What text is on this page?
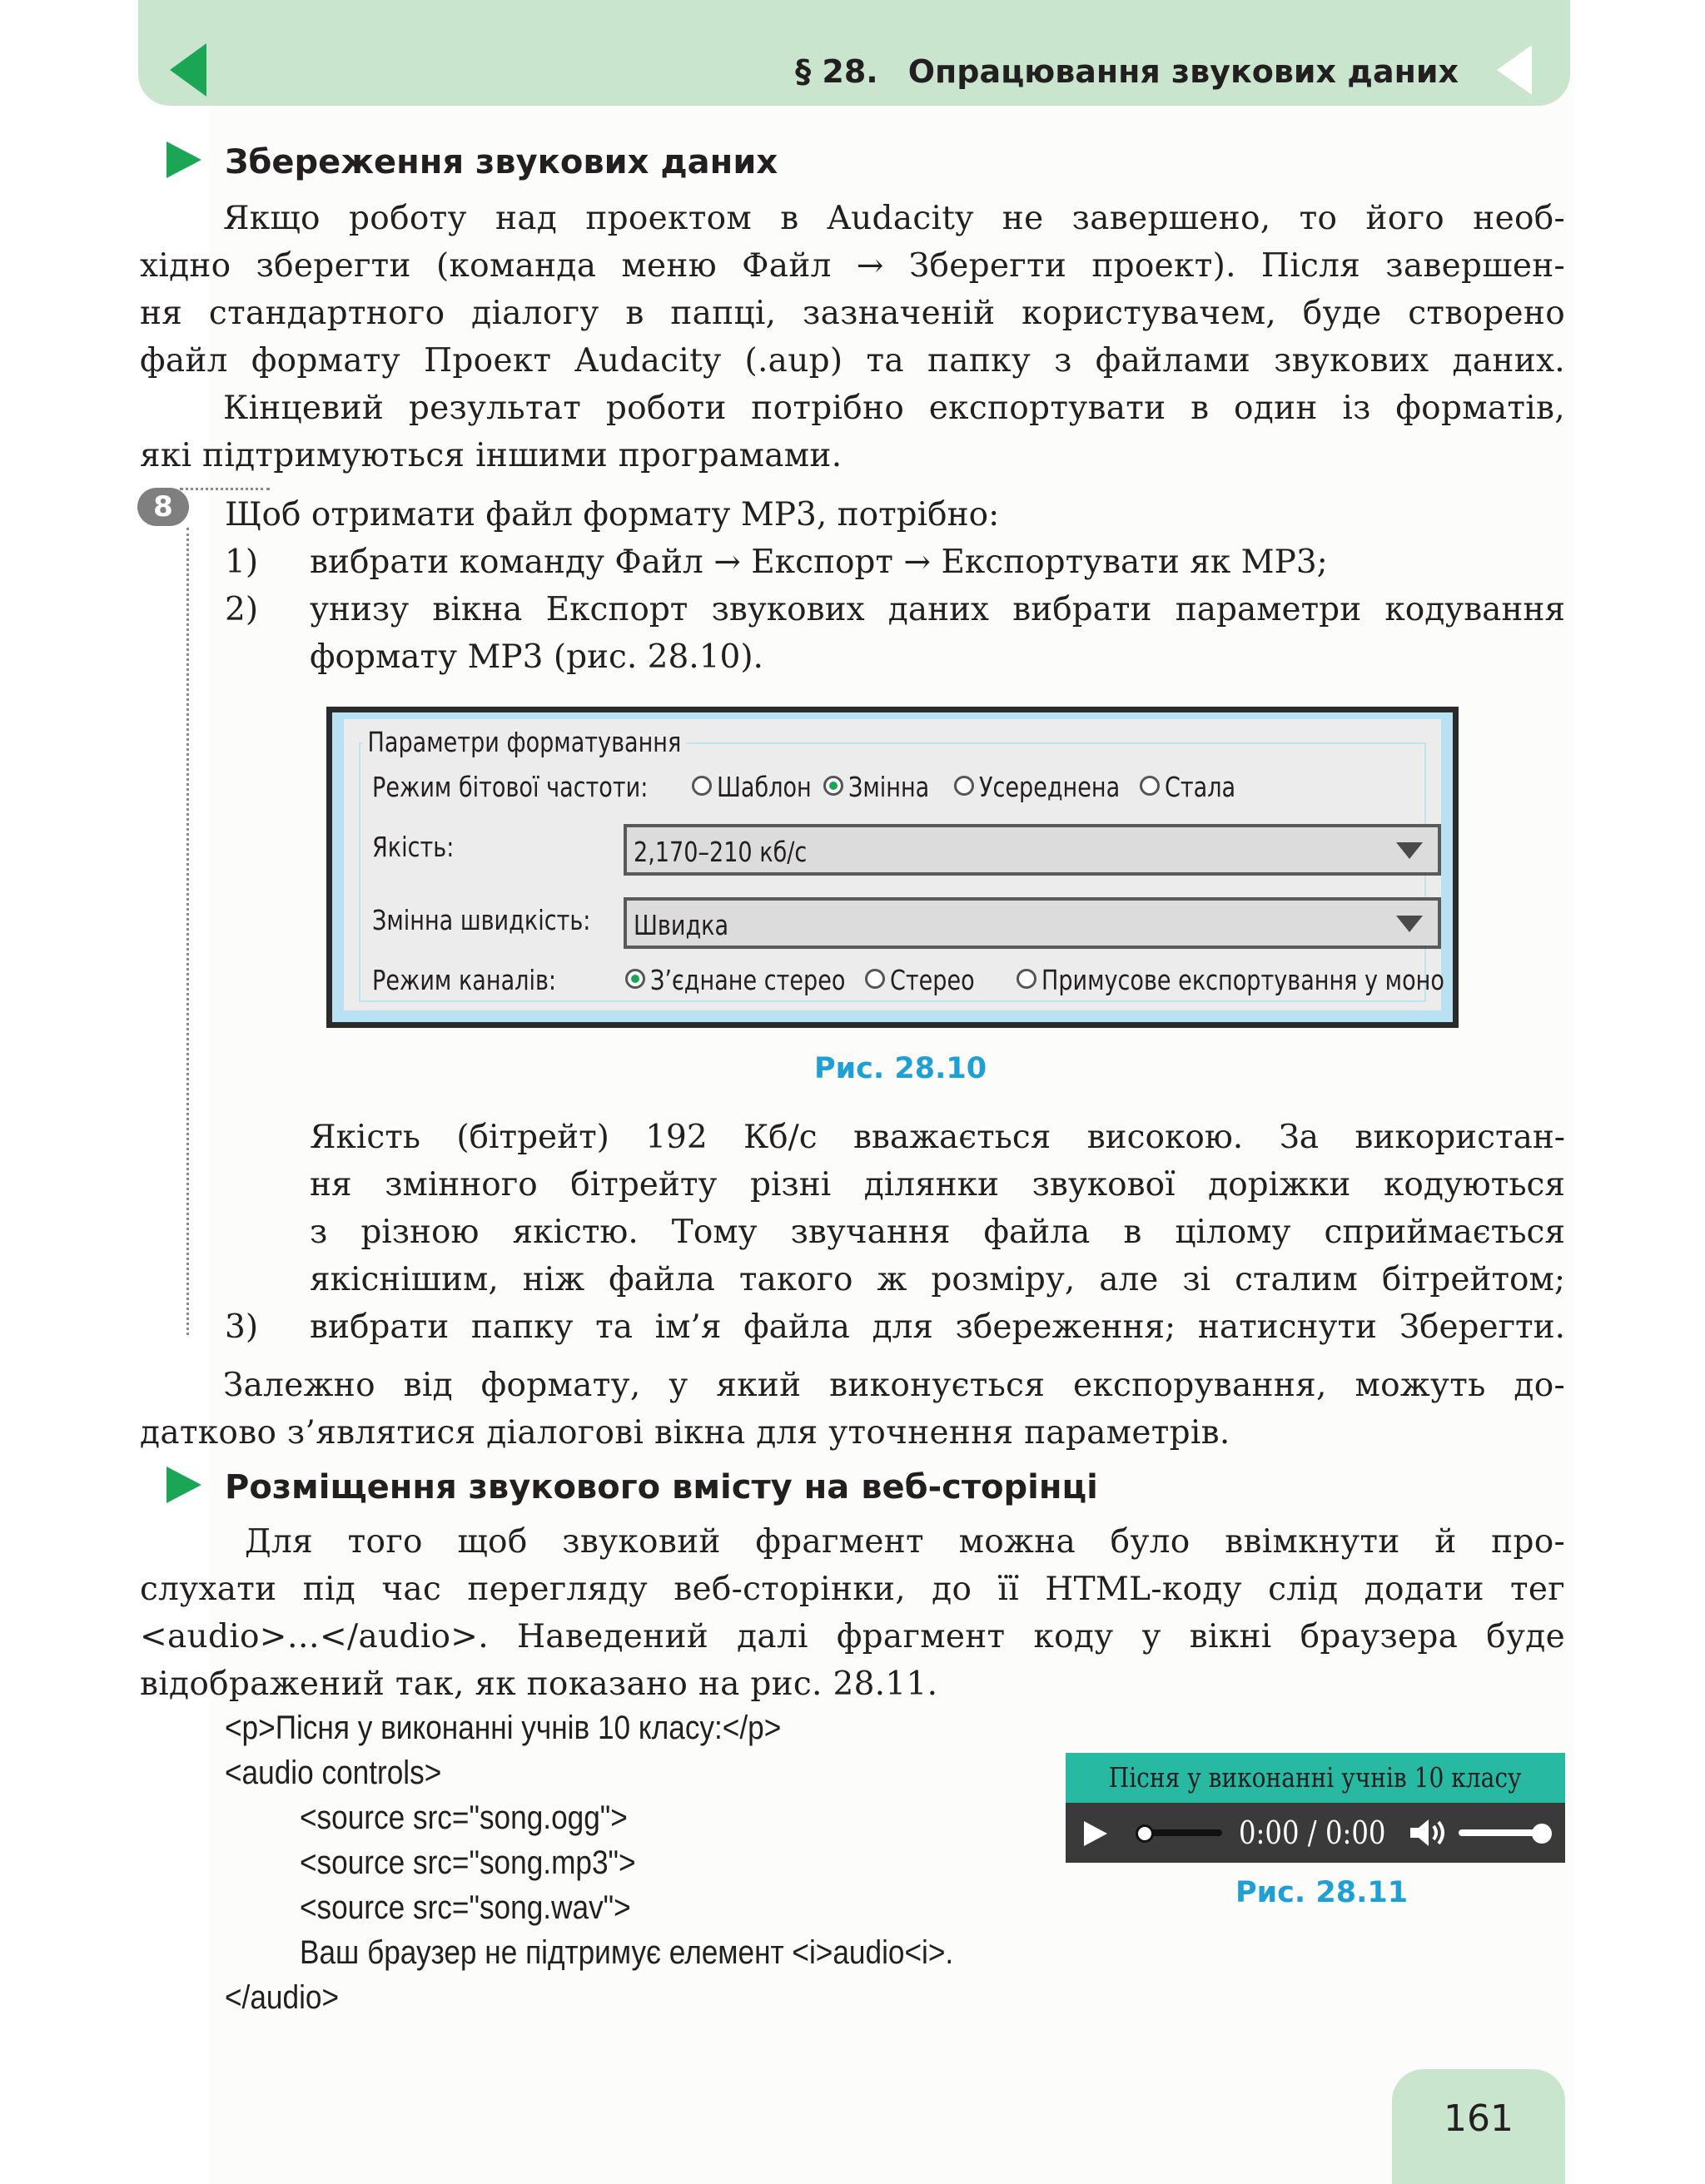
§ 28. Опрацювання звукових даних
Збереження звукових даних
Якщо роботу над проектом в Audacity не завершено, то його необ-
хідно зберегти (команда меню Файл → Зберегти проект). Після завершен-
ня стандартного діалогу в папці, зазначеній користувачем, буде створено
файл формату Проект Audacity (.aup) та папку з файлами звукових даних.
Кінцевий результат роботи потрібно експортувати в один із форматів,
які підтримуються іншими програмами.
8	Щоб отримати файл формату MP3, потрібно:
1) вибрати команду Файл → Експорт → Експортувати як MP3;
2) унизу вікна Експорт звукових даних вибрати параметри кодування
формату MP3 (рис. 28.10).
Параметри форматування
Режим бітової частоти:	Шаблон Змінна Усереднена Стала
Якість:	2,170–210 кб/с
Змінна швидкість: Швидка
Режим каналів:	З’єднане стерео Стерео Примусове експортування у моно
Рис. 28.10
Якість (бітрейт) 192 Кб/с вважається високою. За використан-
ня змінного бітрейту різні ділянки звукової доріжки кодуються
з різною якістю. Тому звучання файла в цілому сприймається
якіснішим, ніж файла такого ж розміру, але зі сталим бітрейтом;
3) вибрати папку та ім’я файла для збереження; натиснути Зберегти.
Залежно від формату, у який виконується експорування, можуть до-
датково з’являтися діалогові вікна для уточнення параметрів.
Розміщення звукового вмісту на веб-сторінці
Для того щоб звуковий фрагмент можна було ввімкнути й про-
слухати під час перегляду веб-сторінки, до її HTML-коду слід додати тег
<audio>…</audio>. Наведений далі фрагмент коду у вікні браузера буде
відображений так, як показано на рис. 28.11.
<p>Пісня у виконанні учнів 10 класу:</p>
<audio controls>
<source src="song.ogg">
<source src="song.mp3">
<source src="song.wav">
Ваш браузер не підтримує елемент <i>audio<i>.
</audio>
Пісня у виконанні учнів 10 класу
0:00 / 0:00
Рис. 28.11
161
